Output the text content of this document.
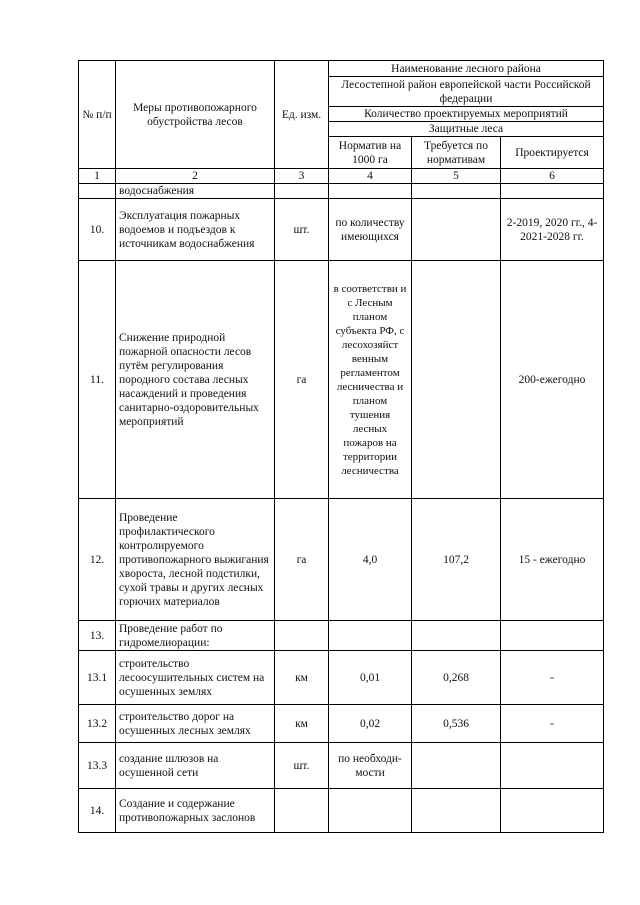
№ п/п	Меры противопожарного обустройства лесов	Ед. изм.	Наименование лесного района		
			Лесостепной район европейской части Российской федерации		
			Количество проектируемых мероприятий		
			Защитные леса		
			Норматив на 1000 га	Требуется по нормативам	Проектируется

1	2	3	4	5	6
	водоснабжения				
10.	Эксплуатация пожарных водоемов и подъездов к источникам водоснабжения	шт.	по количеству имеющихся		2-2019, 2020 гг., 4-2021-2028 гг.
11.	Снижение природной пожарной опасности лесов путём регулирования породного состава лесных насаждений и проведения санитарно-оздоровительных мероприятий	га	в соответстви и с Лесным планом субъекта РФ, с лесохозяйст венным регламентом лесничества и планом тушения лесных пожаров на территории лесничества		200-ежегодно
12.	Проведение профилактического контролируемого противопожарного выжигания хвороста, лесной подстилки, сухой травы и других лесных горючих материалов	га	4,0	107,2	15 - ежегодно
13.	Проведение работ по гидромелиорации:				
13.1	строительство лесоосушительных систем на осушенных землях	км	0,01	0,268	-
13.2	строительство дорог на осушенных лесных землях	км	0,02	0,536	-
13.3	создание шлюзов на осушенной сети	шт.	по необходи-мости		
14.	Создание и содержание противопожарных заслонов				
